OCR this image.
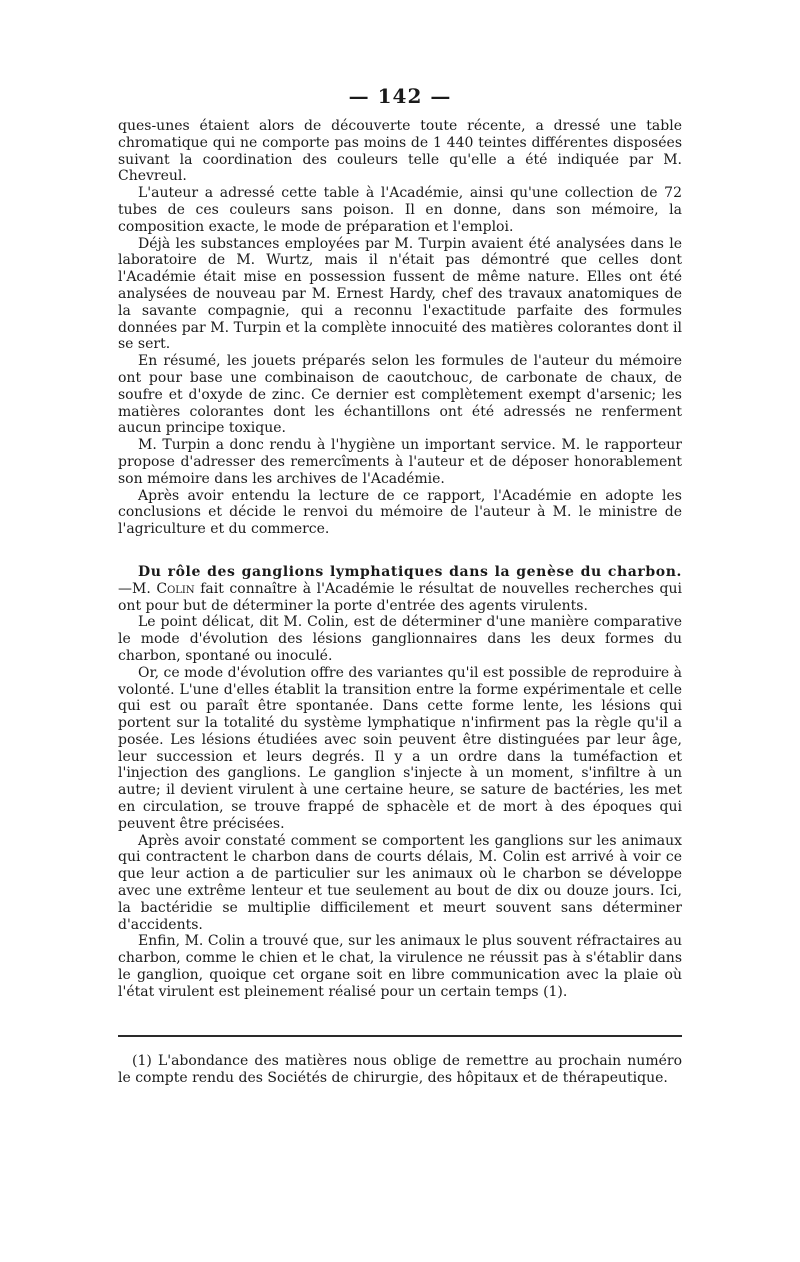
— 142 —

ques-unes étaient alors de découverte toute récente, a dressé une table chromatique qui ne comporte pas moins de 1 440 teintes différentes disposées suivant la coordination des couleurs telle qu'elle a été indiquée par M. Chevreul.

L'auteur a adressé cette table à l'Académie, ainsi qu'une collection de 72 tubes de ces couleurs sans poison. Il en donne, dans son mémoire, la composition exacte, le mode de préparation et l'emploi.

Déjà les substances employées par M. Turpin avaient été analysées dans le laboratoire de M. Wurtz, mais il n'était pas démontré que celles dont l'Académie était mise en possession fussent de même nature. Elles ont été analysées de nouveau par M. Ernest Hardy, chef des travaux anatomiques de la savante compagnie, qui a reconnu l'exactitude parfaite des formules données par M. Turpin et la complète innocuité des matières colorantes dont il se sert.

En résumé, les jouets préparés selon les formules de l'auteur du mémoire ont pour base une combinaison de caoutchouc, de carbonate de chaux, de soufre et d'oxyde de zinc. Ce dernier est complètement exempt d'arsenic; les matières colorantes dont les échantillons ont été adressés ne renferment aucun principe toxique.

M. Turpin a donc rendu à l'hygiène un important service. M. le rapporteur propose d'adresser des remercîments à l'auteur et de déposer honorablement son mémoire dans les archives de l'Académie.

Après avoir entendu la lecture de ce rapport, l'Académie en adopte les conclusions et décide le renvoi du mémoire de l'auteur à M. le ministre de l'agriculture et du commerce.

Du rôle des ganglions lymphatiques dans la genèse du charbon.—M. Colin fait connaître à l'Académie le résultat de nouvelles recherches qui ont pour but de déterminer la porte d'entrée des agents virulents.

Le point délicat, dit M. Colin, est de déterminer d'une manière comparative le mode d'évolution des lésions ganglionnaires dans les deux formes du charbon, spontané ou inoculé.

Or, ce mode d'évolution offre des variantes qu'il est possible de reproduire à volonté. L'une d'elles établit la transition entre la forme expérimentale et celle qui est ou paraît être spontanée. Dans cette forme lente, les lésions qui portent sur la totalité du système lymphatique n'infirment pas la règle qu'il a posée. Les lésions étudiées avec soin peuvent être distinguées par leur âge, leur succession et leurs degrés. Il y a un ordre dans la tuméfaction et l'injection des ganglions. Le ganglion s'injecte à un moment, s'infiltre à un autre; il devient virulent à une certaine heure, se sature de bactéries, les met en circulation, se trouve frappé de sphacèle et de mort à des époques qui peuvent être précisées.

Après avoir constaté comment se comportent les ganglions sur les animaux qui contractent le charbon dans de courts délais, M. Colin est arrivé à voir ce que leur action a de particulier sur les animaux où le charbon se développe avec une extrême lenteur et tue seulement au bout de dix ou douze jours. Ici, la bactéridie se multiplie difficilement et meurt souvent sans déterminer d'accidents.

Enfin, M. Colin a trouvé que, sur les animaux le plus souvent réfractaires au charbon, comme le chien et le chat, la virulence ne réussit pas à s'établir dans le ganglion, quoique cet organe soit en libre communication avec la plaie où l'état virulent est pleinement réalisé pour un certain temps (1).

(1) L'abondance des matières nous oblige de remettre au prochain numéro le compte rendu des Sociétés de chirurgie, des hôpitaux et de thérapeutique.
